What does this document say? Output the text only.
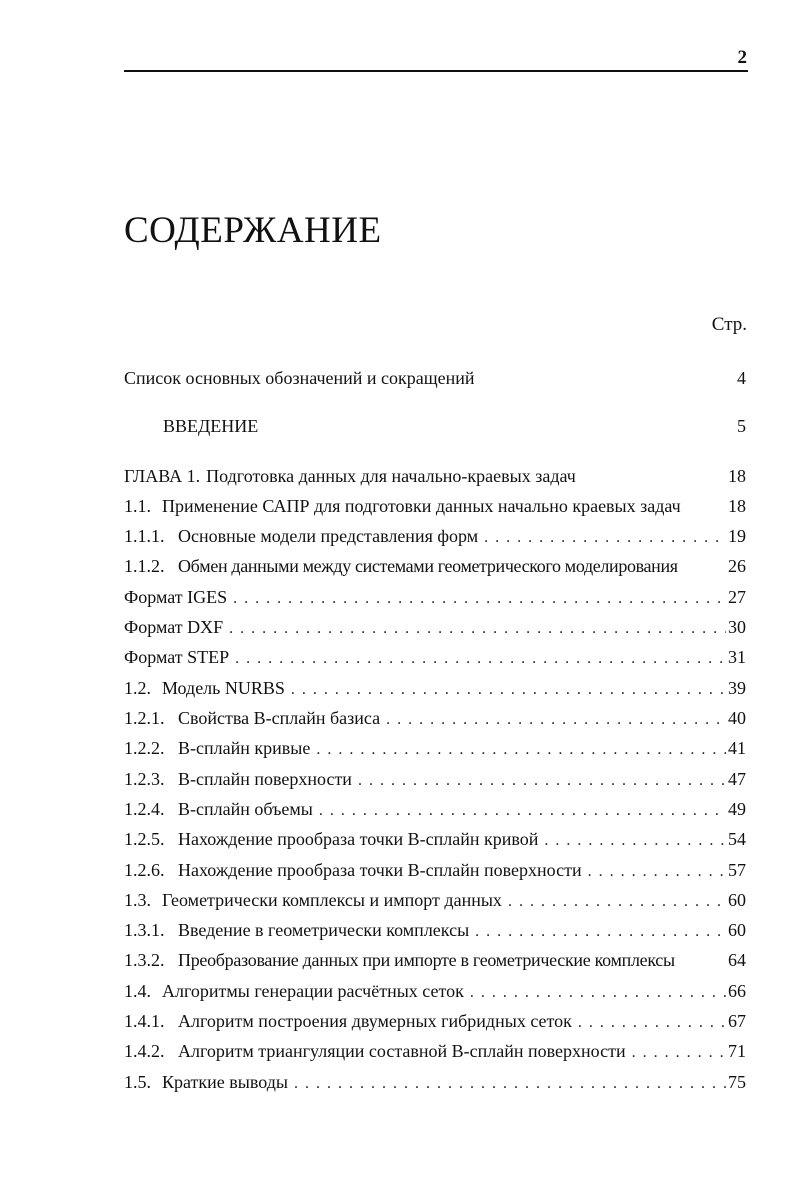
2
СОДЕРЖАНИЕ
Стр.
Список основных обозначений и сокращений	4
ВВЕДЕНИЕ	5
ГЛАВА 1. Подготовка данных для начально-краевых задач	18
1.1. Применение САПР для подготовки данных начально краевых задач	18
1.1.1. Основные модели представления форм . . .	19
1.1.2. Обмен данными между системами геометрического моделирования	26
Формат IGES . . .	27
Формат DXF . . .	30
Формат STEP . . .	31
1.2. Модель NURBS . . .	39
1.2.1. Свойства B-сплайн базиса . . .	40
1.2.2. B-сплайн кривые . . .	41
1.2.3. B-сплайн поверхности . . .	47
1.2.4. B-сплайн объемы . . .	49
1.2.5. Нахождение прообраза точки B-сплайн кривой . . .	54
1.2.6. Нахождение прообраза точки B-сплайн поверхности . . .	57
1.3. Геометрически комплексы и импорт данных . . .	60
1.3.1. Введение в геометрически комплексы . . .	60
1.3.2. Преобразование данных при импорте в геометрические комплексы	64
1.4. Алгоритмы генерации расчётных сеток . . .	66
1.4.1. Алгоритм построения двумерных гибридных сеток . . .	67
1.4.2. Алгоритм триангуляции составной B-сплайн поверхности . . .	71
1.5. Краткие выводы . . .	75
